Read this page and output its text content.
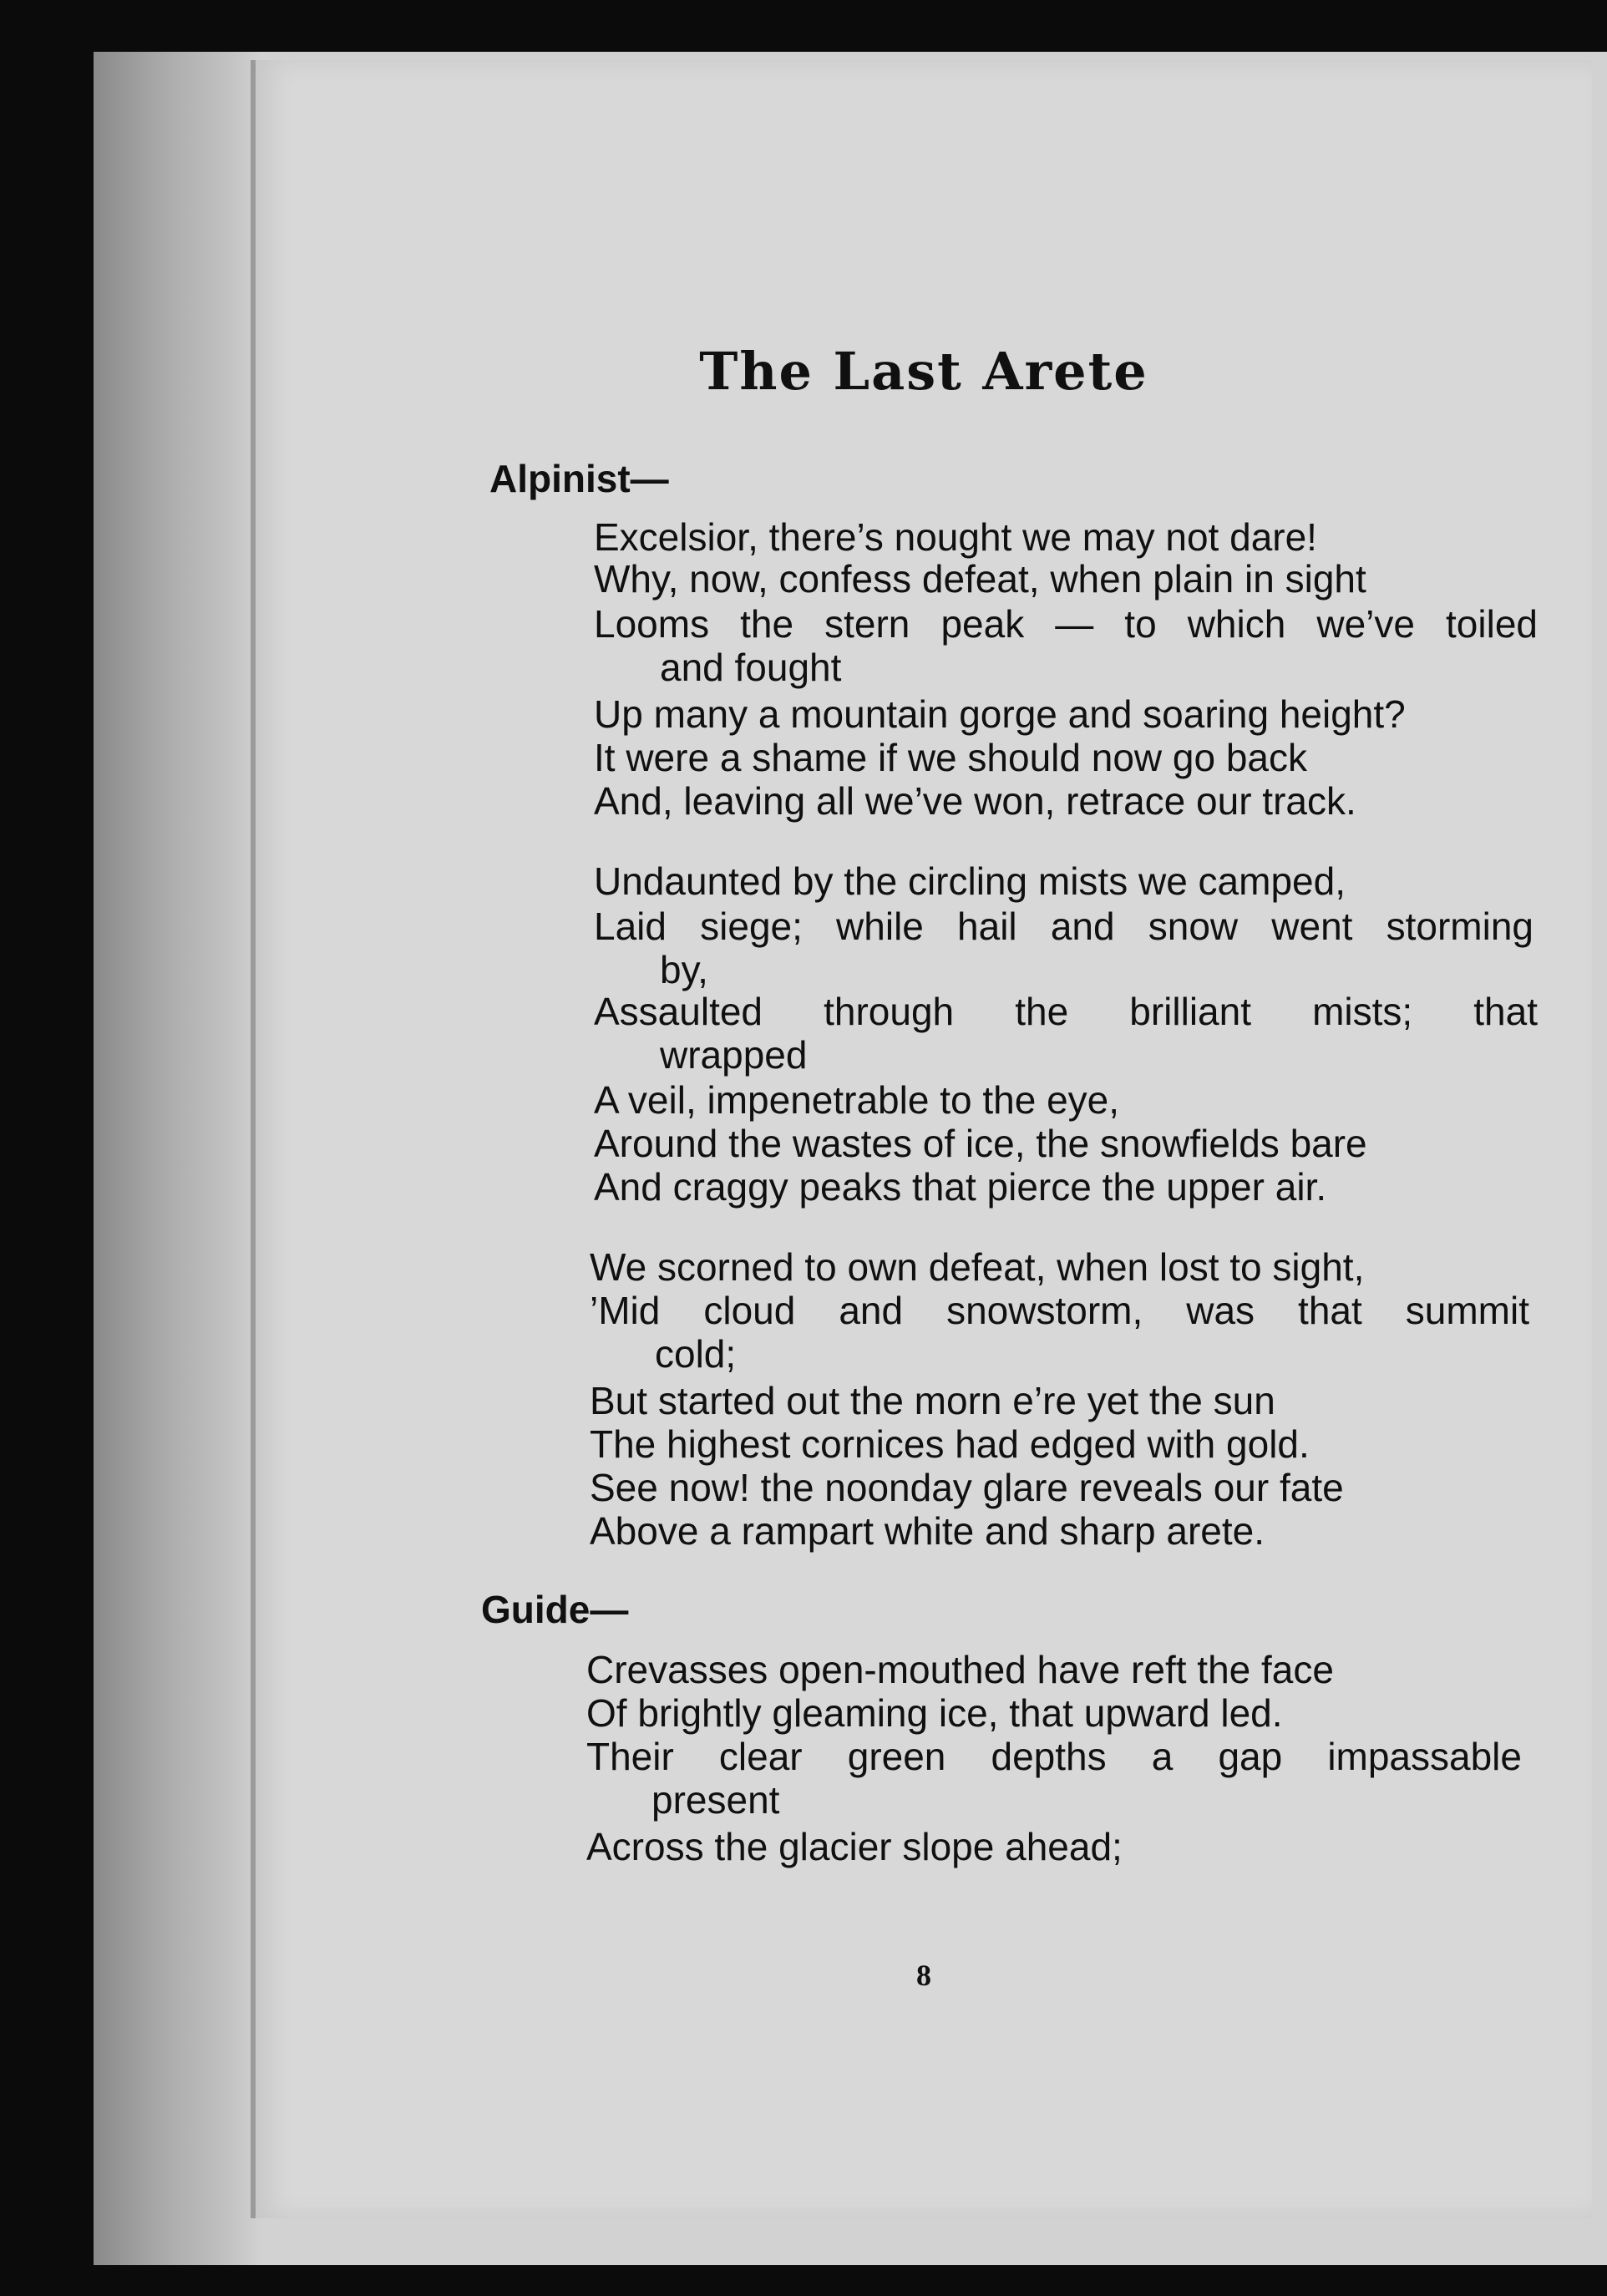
The Last Arete
Alpinist—
Excelsior, there’s nought we may not dare!
Why, now, confess defeat, when plain in sight
Looms the stern peak — to which we’ve toiled
and fought
Up many a mountain gorge and soaring height?
It were a shame if we should now go back
And, leaving all we’ve won, retrace our track.
Undaunted by the circling mists we camped,
Laid siege; while hail and snow went storming
by,
Assaulted through the brilliant mists; that
wrapped
A veil, impenetrable to the eye,
Around the wastes of ice, the snowfields bare
And craggy peaks that pierce the upper air.
We scorned to own defeat, when lost to sight,
’Mid cloud and snowstorm, was that summit
cold;
But started out the morn e’re yet the sun
The highest cornices had edged with gold.
See now! the noonday glare reveals our fate
Above a rampart white and sharp arete.
Guide—
Crevasses open-mouthed have reft the face
Of brightly gleaming ice, that upward led.
Their clear green depths a gap impassable
present
Across the glacier slope ahead;
8
